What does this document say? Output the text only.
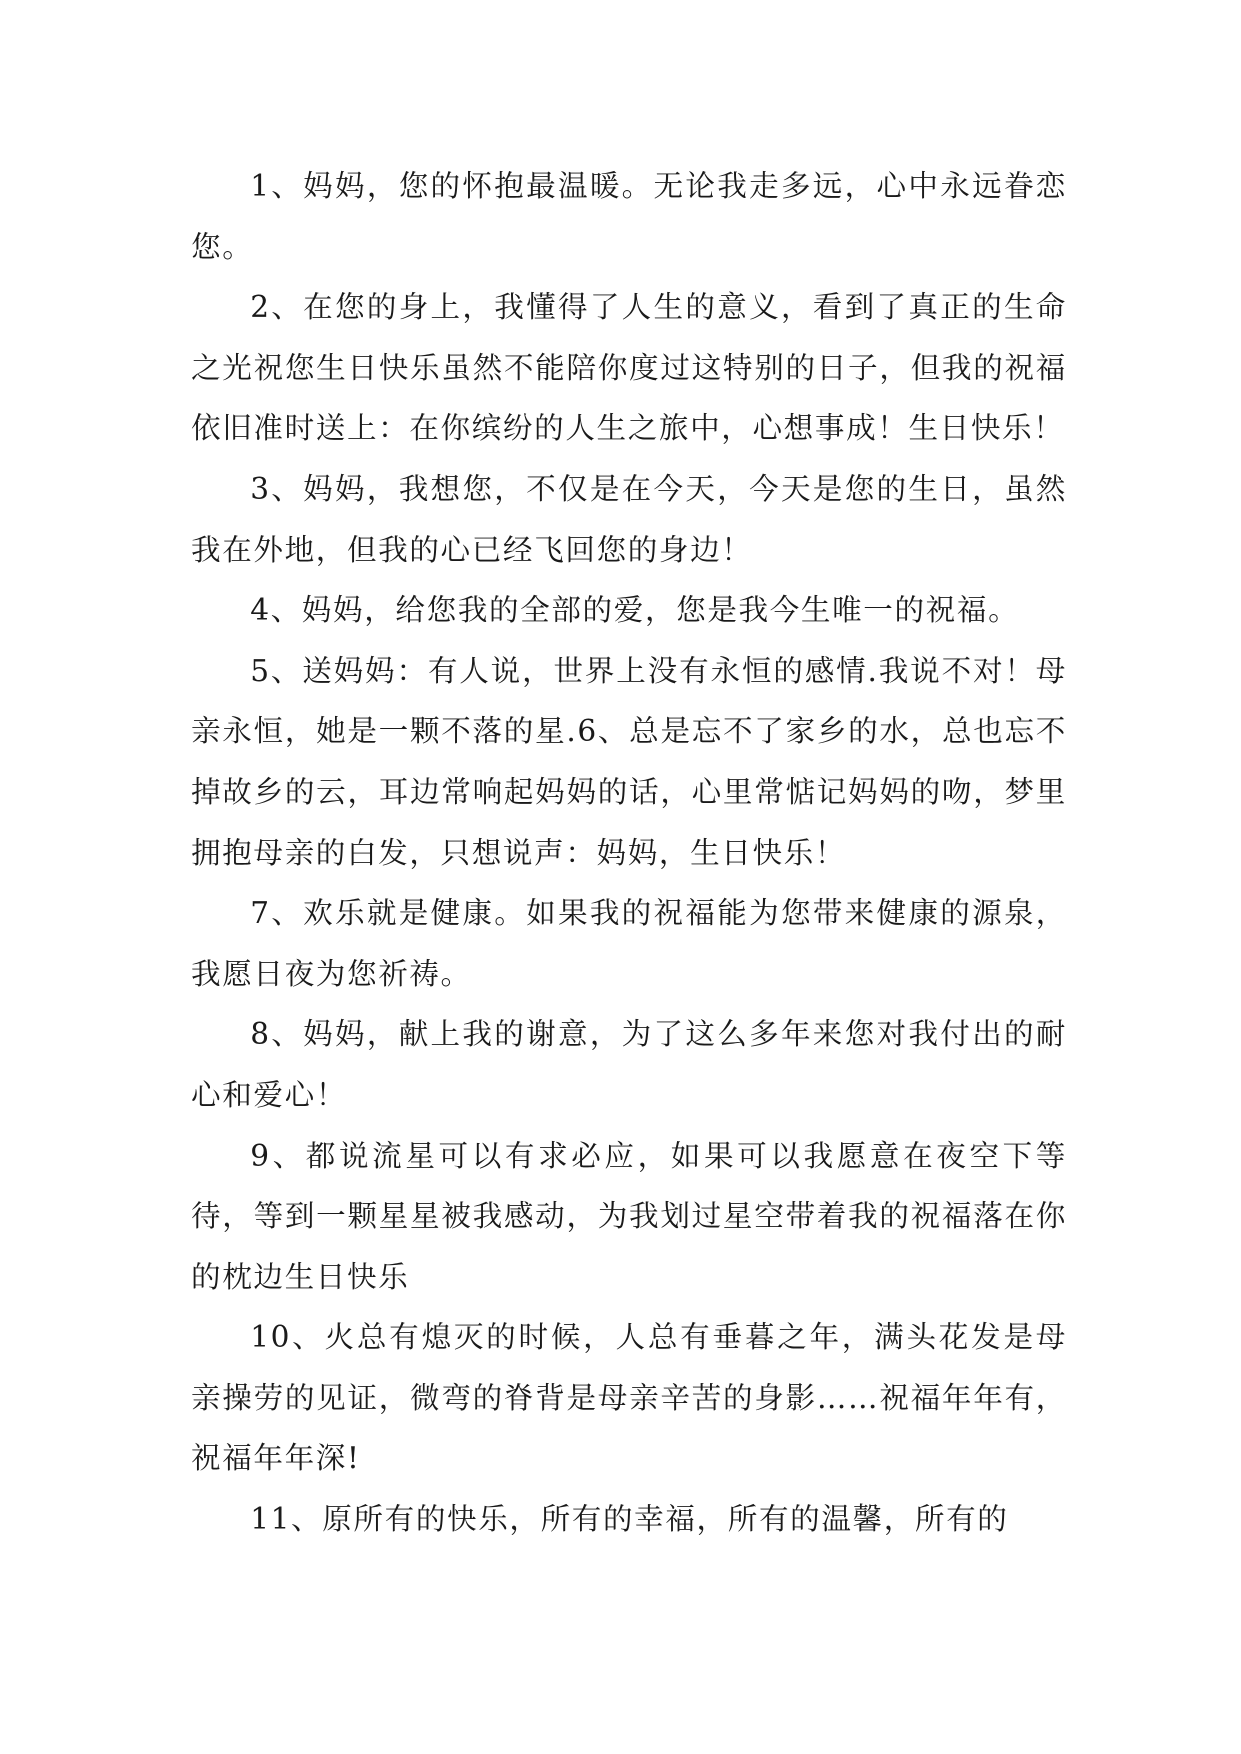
1、妈妈，您的怀抱最温暖。无论我走多远，心中永远眷恋您。

2、在您的身上，我懂得了人生的意义，看到了真正的生命之光祝您生日快乐虽然不能陪你度过这特别的日子，但我的祝福依旧准时送上：在你缤纷的人生之旅中，心想事成！生日快乐！

3、妈妈，我想您，不仅是在今天，今天是您的生日，虽然我在外地，但我的心已经飞回您的身边！

4、妈妈，给您我的全部的爱，您是我今生唯一的祝福。

5、送妈妈：有人说，世界上没有永恒的感情.我说不对！母亲永恒，她是一颗不落的星.6、总是忘不了家乡的水，总也忘不掉故乡的云，耳边常响起妈妈的话，心里常惦记妈妈的吻，梦里拥抱母亲的白发，只想说声：妈妈，生日快乐！

7、欢乐就是健康。如果我的祝福能为您带来健康的源泉，我愿日夜为您祈祷。

8、妈妈，献上我的谢意，为了这么多年来您对我付出的耐心和爱心！

9、都说流星可以有求必应，如果可以我愿意在夜空下等待，等到一颗星星被我感动，为我划过星空带着我的祝福落在你的枕边生日快乐

10、火总有熄灭的时候，人总有垂暮之年，满头花发是母亲操劳的见证，微弯的脊背是母亲辛苦的身影……祝福年年有，祝福年年深!

11、原所有的快乐，所有的幸福，所有的温馨，所有的
